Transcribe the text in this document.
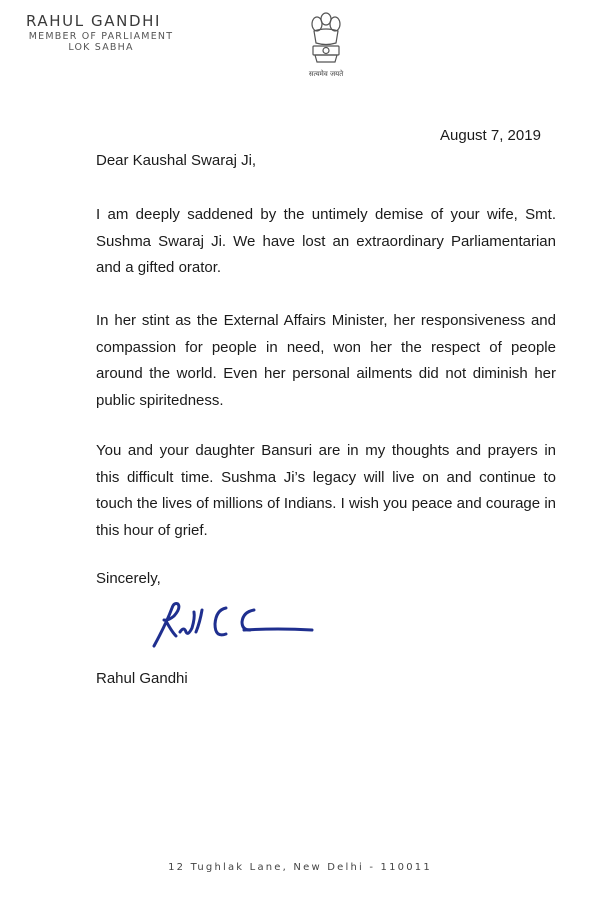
RAHUL GANDHI
MEMBER OF PARLIAMENT
LOK SABHA
सत्यमेव जयते
August 7, 2019
Dear Kaushal Swaraj Ji,

I am deeply saddened by the untimely demise of your wife, Smt. Sushma Swaraj Ji. We have lost an extraordinary Parliamentarian and a gifted orator.

In her stint as the External Affairs Minister, her responsiveness and compassion for people in need, won her the respect of people around the world. Even her personal ailments did not diminish her public spiritedness.

You and your daughter Bansuri are in my thoughts and prayers in this difficult time. Sushma Ji’s legacy will live on and continue to touch the lives of millions of Indians. I wish you peace and courage in this hour of grief.

Sincerely,
Rahul Gandhi
12 Tughlak Lane, New Delhi - 110011
